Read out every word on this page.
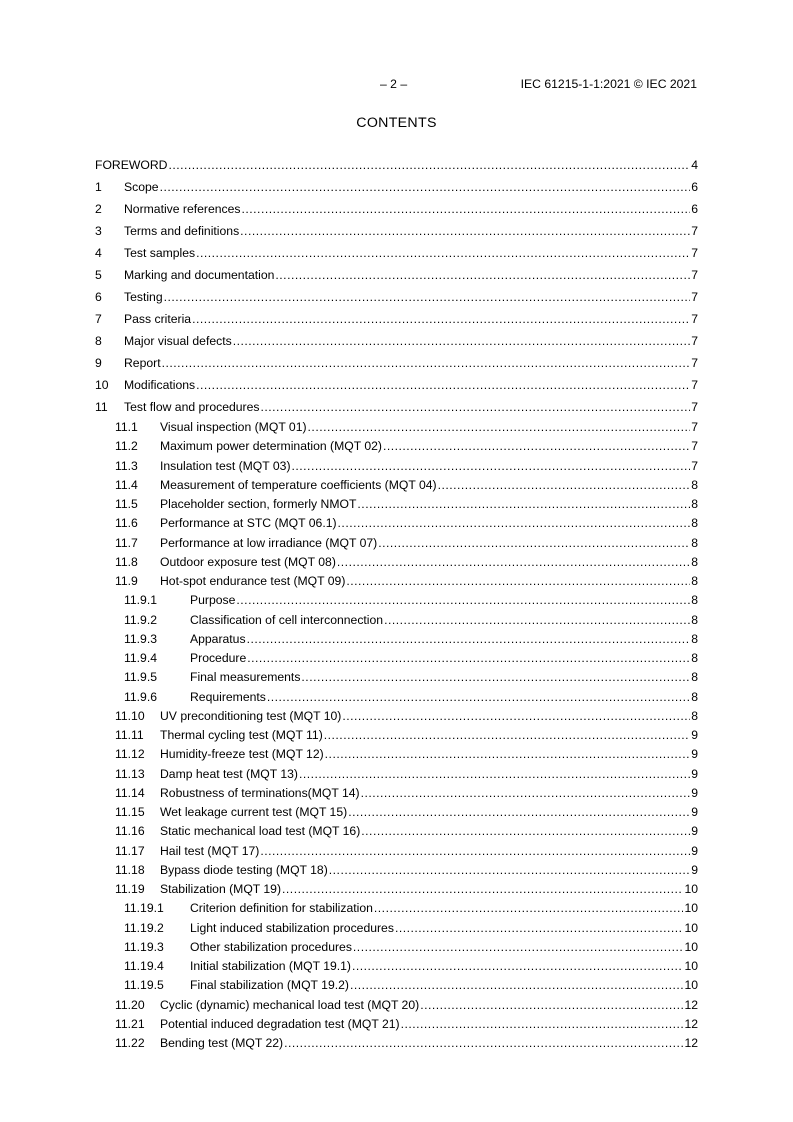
– 2 –	IEC 61215-1-1:2021 © IEC 2021
CONTENTS
FOREWORD .....	4
1	Scope .....	6
2	Normative references .....	6
3	Terms and definitions .....	7
4	Test samples .....	7
5	Marking and documentation .....	7
6	Testing .....	7
7	Pass criteria .....	7
8	Major visual defects .....	7
9	Report .....	7
10	Modifications .....	7
11	Test flow and procedures .....	7
11.1	Visual inspection (MQT 01) .....	7
11.2	Maximum power determination (MQT 02) .....	7
11.3	Insulation test (MQT 03) .....	7
11.4	Measurement of temperature coefficients (MQT 04) .....	8
11.5	Placeholder section, formerly NMOT .....	8
11.6	Performance at STC (MQT 06.1) .....	8
11.7	Performance at low irradiance (MQT 07) .....	8
11.8	Outdoor exposure test (MQT 08) .....	8
11.9	Hot-spot endurance test (MQT 09) .....	8
11.9.1	Purpose .....	8
11.9.2	Classification of cell interconnection .....	8
11.9.3	Apparatus .....	8
11.9.4	Procedure .....	8
11.9.5	Final measurements .....	8
11.9.6	Requirements .....	8
11.10	UV preconditioning test (MQT 10) .....	8
11.11	Thermal cycling test (MQT 11) .....	9
11.12	Humidity-freeze test (MQT 12) .....	9
11.13	Damp heat test (MQT 13) .....	9
11.14	Robustness of terminations(MQT 14) .....	9
11.15	Wet leakage current test (MQT 15) .....	9
11.16	Static mechanical load test (MQT 16) .....	9
11.17	Hail test (MQT 17) .....	9
11.18	Bypass diode testing (MQT 18) .....	9
11.19	Stabilization (MQT 19) .....	10
11.19.1	Criterion definition for stabilization .....	10
11.19.2	Light induced stabilization procedures .....	10
11.19.3	Other stabilization procedures .....	10
11.19.4	Initial stabilization (MQT 19.1) .....	10
11.19.5	Final stabilization (MQT 19.2) .....	10
11.20	Cyclic (dynamic) mechanical load test (MQT 20) .....	12
11.21	Potential induced degradation test (MQT 21) .....	12
11.22	Bending test (MQT 22) .....	12
